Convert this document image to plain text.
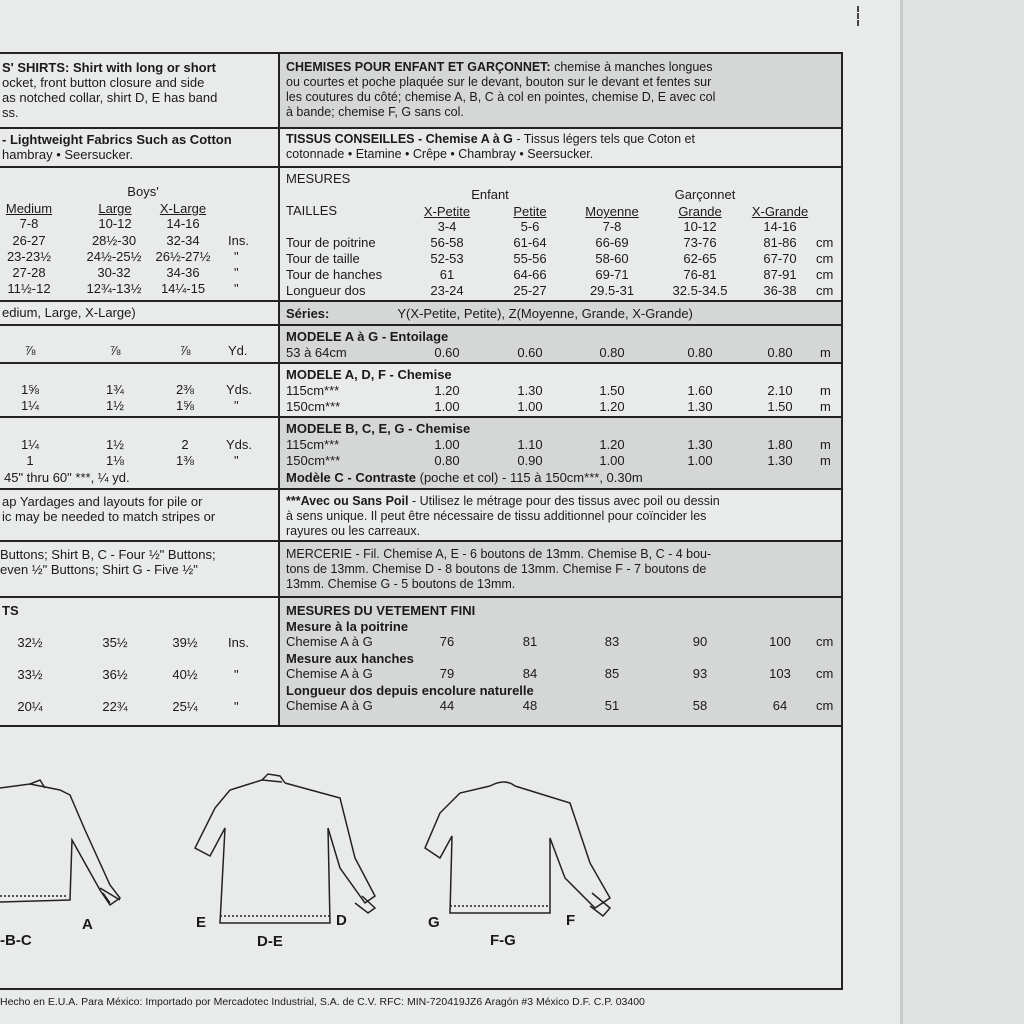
S' SHIRTS: Shirt with long or short
ocket, front button closure and side
as notched collar, shirt D, E has band
ss.
- Lightweight Fabrics Such as Cotton
hambray • Seersucker.
Boys'
Medium	Large	X-Large
7-8	10-12	14-16
26-27	28½-30	32-34	Ins.
23-23½	24½-25½	26½-27½	"
27-28	30-32	34-36	"
11½-12	12¾-13½	14¼-15	"
edium, Large, X-Large)
⅞	⅞	⅞	Yd.
1⅝	1¾	2⅜	Yds.
1¼	1½	1⅝	"
1¼	1½	2	Yds.
1	1⅛	1⅜	"
45" thru 60" ***, ¼ yd.
ap Yardages and layouts for pile or
ic may be needed to match stripes or
Buttons; Shirt B, C - Four ½" Buttons;
even ½" Buttons; Shirt G - Five ½"
TS
32½	35½	39½	Ins.
33½	36½	40½	"
20¼	22¾	25¼	"
CHEMISES POUR ENFANT ET GARÇONNET: chemise à manches longues
ou courtes et poche plaquée sur le devant, bouton sur le devant et fentes sur
les coutures du côté; chemise A, B, C à col en pointes, chemise D, E avec col
à bande; chemise F, G sans col.
TISSUS CONSEILLES - Chemise A à G - Tissus légers tels que Coton et
cotonnade • Etamine • Crêpe • Chambray • Seersucker.
MESURES
Enfant	Garçonnet
TAILLES	X-Petite	Petite	Moyenne	Grande	X-Grande
3-4	5-6	7-8	10-12	14-16
Tour de poitrine	56-58	61-64	66-69	73-76	81-86	cm
Tour de taille	52-53	55-56	58-60	62-65	67-70	cm
Tour de hanches	61	64-66	69-71	76-81	87-91	cm
Longueur dos	23-24	25-27	29.5-31	32.5-34.5	36-38	cm
Séries:	Y(X-Petite, Petite), Z(Moyenne, Grande, X-Grande)
MODELE A à G - Entoilage
53 à 64cm	0.60	0.60	0.80	0.80	0.80	m
MODELE A, D, F - Chemise
115cm***	1.20	1.30	1.50	1.60	2.10	m
150cm***	1.00	1.00	1.20	1.30	1.50	m
MODELE B, C, E, G - Chemise
115cm***	1.00	1.10	1.20	1.30	1.80	m
150cm***	0.80	0.90	1.00	1.00	1.30	m
Modèle C - Contraste (poche et col) - 115 à 150cm***, 0.30m
***Avec ou Sans Poil - Utilisez le métrage pour des tissus avec poil ou dessin
à sens unique. Il peut être nécessaire de tissu additionnel pour coïncider les
rayures ou les carreaux.
MERCERIE - Fil. Chemise A, E - 6 boutons de 13mm. Chemise B, C - 4 bou-
tons de 13mm. Chemise D - 8 boutons de 13mm. Chemise F - 7 boutons de
13mm. Chemise G - 5 boutons de 13mm.
MESURES DU VETEMENT FINI
Mesure à la poitrine
Chemise A à G	76	81	83	90	100	cm
Mesure aux hanches
Chemise A à G	79	84	85	93	103	cm
Longueur dos depuis encolure naturelle
Chemise A à G	44	48	51	58	64	cm
A
-B-C
E	D
D-E
G	F
F-G
Hecho en E.U.A. Para México: Importado por Mercadotec Industrial, S.A. de C.V. RFC: MIN-720419JZ6 Aragón #3 México D.F. C.P. 03400
